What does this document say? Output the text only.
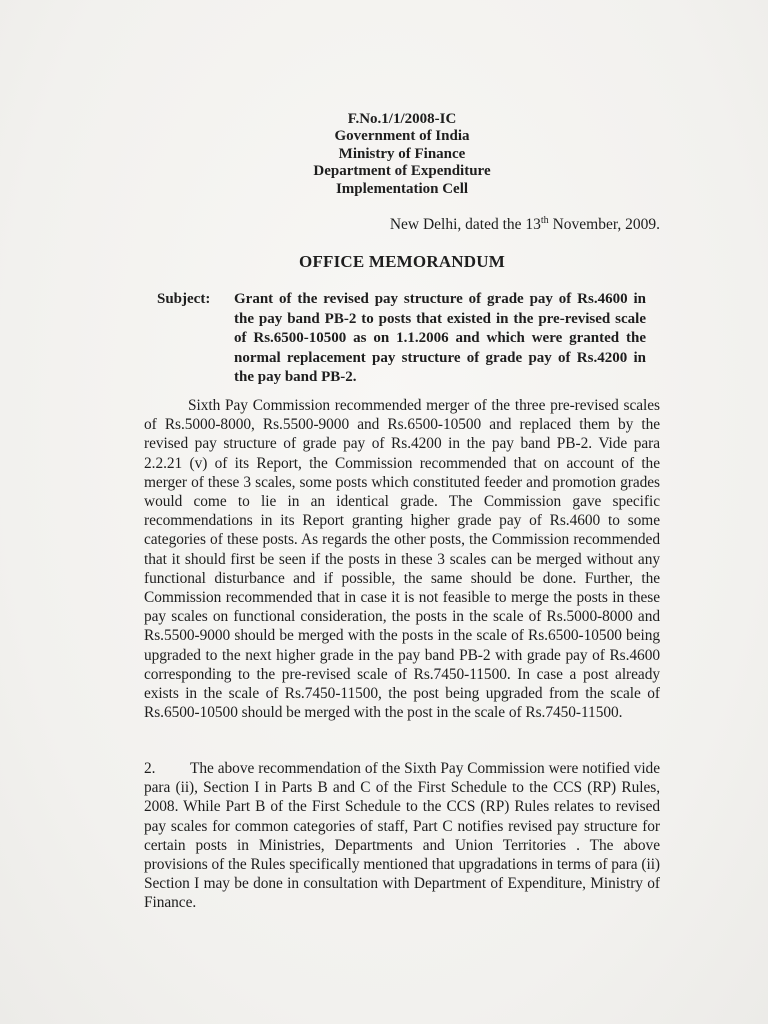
F.No.1/1/2008-IC
Government of India
Ministry of Finance
Department of Expenditure
Implementation Cell
New Delhi, dated the 13th November, 2009.
OFFICE MEMORANDUM
Subject: Grant of the revised pay structure of grade pay of Rs.4600 in the pay band PB-2 to posts that existed in the pre-revised scale of Rs.6500-10500 as on 1.1.2006 and which were granted the normal replacement pay structure of grade pay of Rs.4200 in the pay band PB-2.
Sixth Pay Commission recommended merger of the three pre-revised scales of Rs.5000-8000, Rs.5500-9000 and Rs.6500-10500 and replaced them by the revised pay structure of grade pay of Rs.4200 in the pay band PB-2. Vide para 2.2.21 (v) of its Report, the Commission recommended that on account of the merger of these 3 scales, some posts which constituted feeder and promotion grades would come to lie in an identical grade. The Commission gave specific recommendations in its Report granting higher grade pay of Rs.4600 to some categories of these posts. As regards the other posts, the Commission recommended that it should first be seen if the posts in these 3 scales can be merged without any functional disturbance and if possible, the same should be done. Further, the Commission recommended that in case it is not feasible to merge the posts in these pay scales on functional consideration, the posts in the scale of Rs.5000-8000 and Rs.5500-9000 should be merged with the posts in the scale of Rs.6500-10500 being upgraded to the next higher grade in the pay band PB-2 with grade pay of Rs.4600 corresponding to the pre-revised scale of Rs.7450-11500. In case a post already exists in the scale of Rs.7450-11500, the post being upgraded from the scale of Rs.6500-10500 should be merged with the post in the scale of Rs.7450-11500.
2. The above recommendation of the Sixth Pay Commission were notified vide para (ii), Section I in Parts B and C of the First Schedule to the CCS (RP) Rules, 2008. While Part B of the First Schedule to the CCS (RP) Rules relates to revised pay scales for common categories of staff, Part C notifies revised pay structure for certain posts in Ministries, Departments and Union Territories . The above provisions of the Rules specifically mentioned that upgradations in terms of para (ii) Section I may be done in consultation with Department of Expenditure, Ministry of Finance.
